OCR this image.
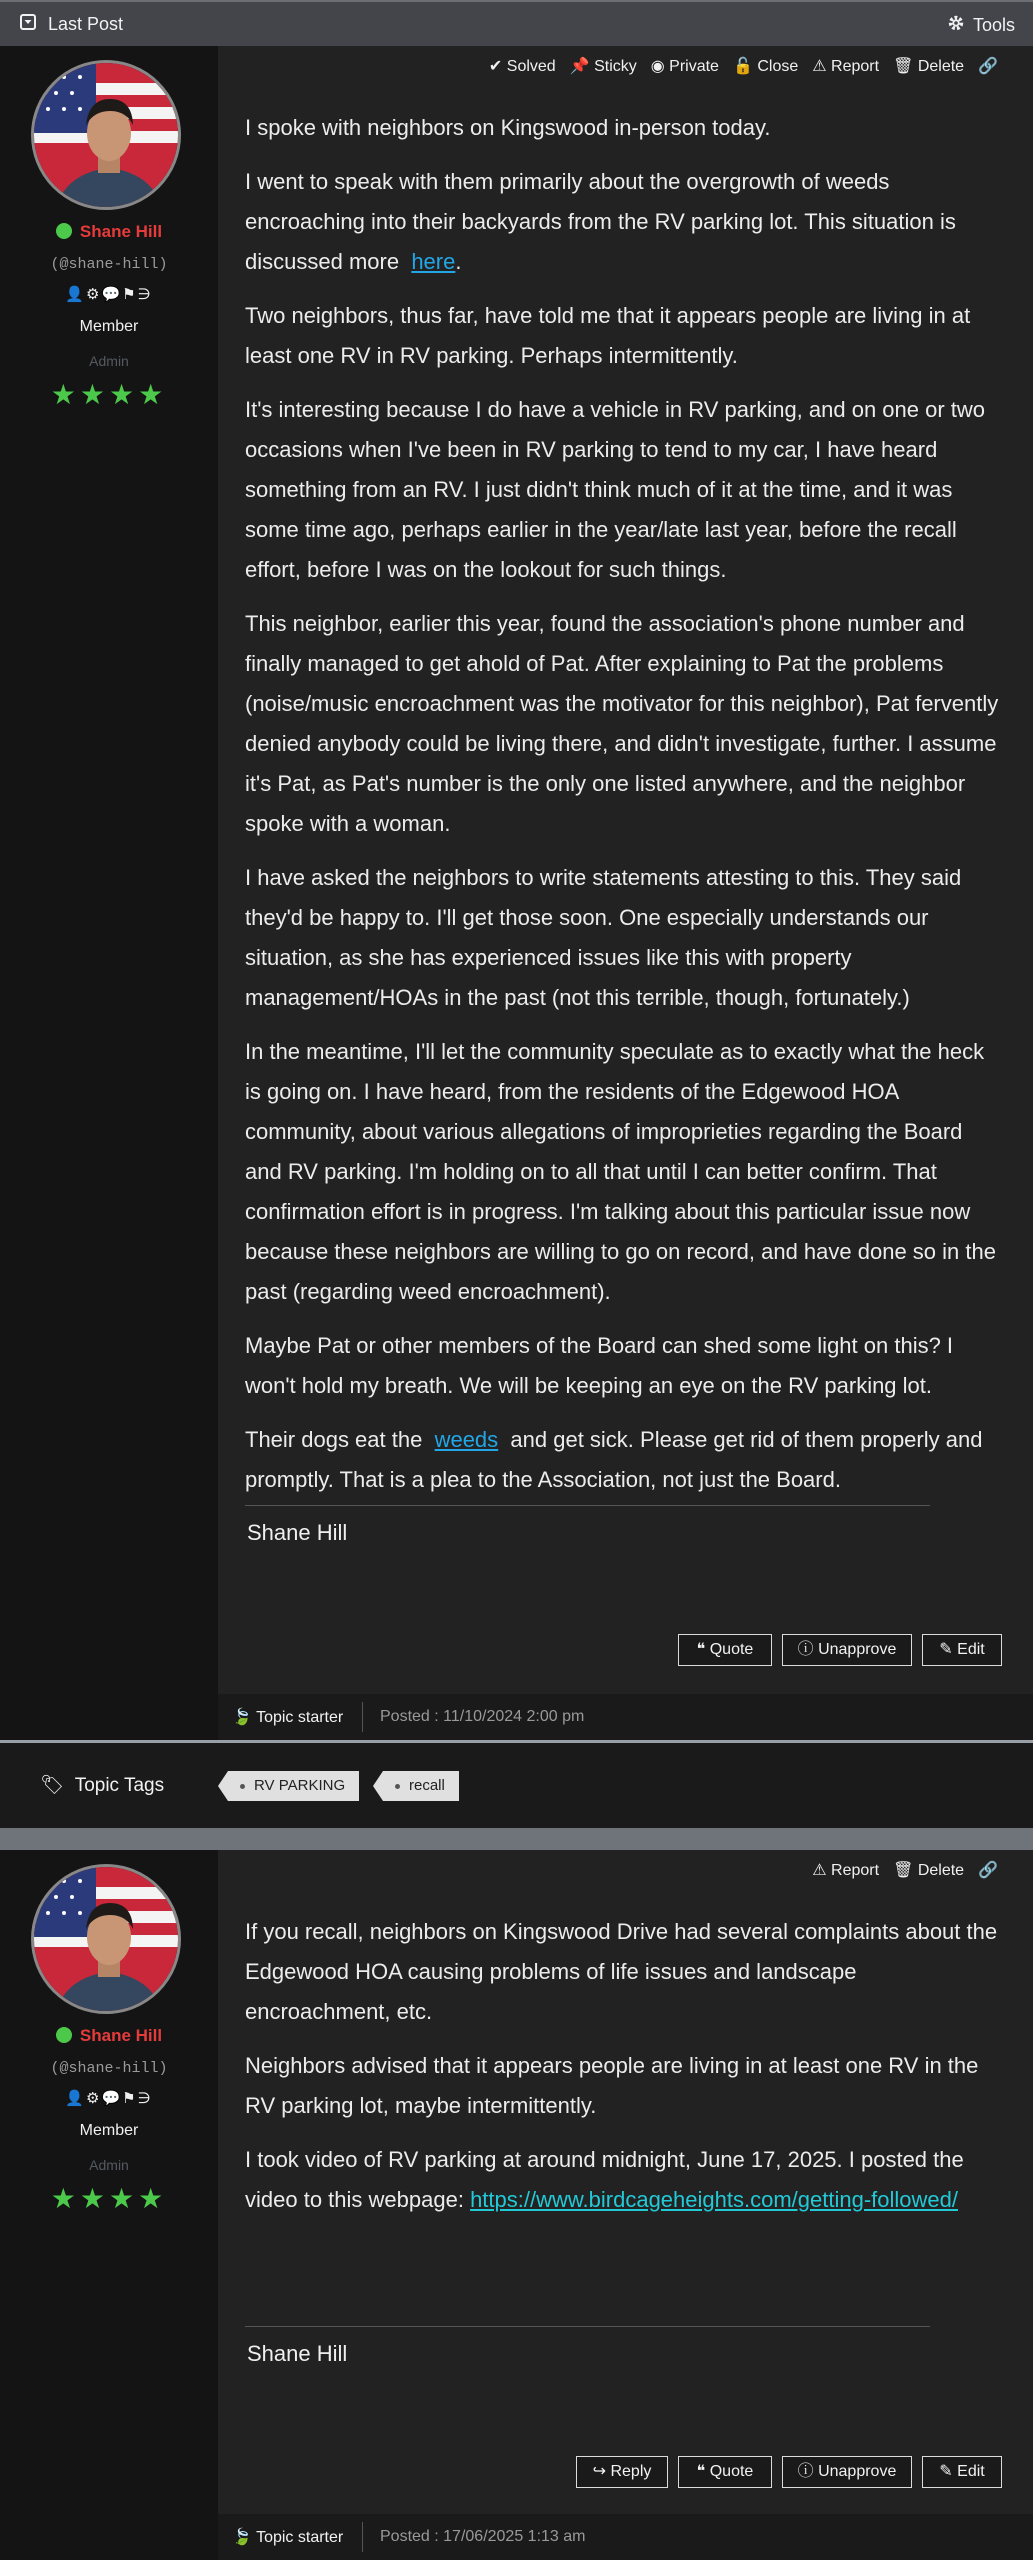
Last Post	Tools
Shane Hill
(@shane-hill)
👤⚙💬⚑∋
Member
Admin
★★★★
✔ Solved 📌 Sticky ◉ Private 🔓 Close ⚠ Report 🗑 Delete 🔗

I spoke with neighbors on Kingswood in-person today.

I went to speak with them primarily about the overgrowth of weeds encroaching into their backyards from the RV parking lot. This situation is discussed more here.

Two neighbors, thus far, have told me that it appears people are living in at least one RV in RV parking. Perhaps intermittently.

It's interesting because I do have a vehicle in RV parking, and on one or two occasions when I've been in RV parking to tend to my car, I have heard something from an RV. I just didn't think much of it at the time, and it was some time ago, perhaps earlier in the year/late last year, before the recall effort, before I was on the lookout for such things.

This neighbor, earlier this year, found the association's phone number and finally managed to get ahold of Pat. After explaining to Pat the problems (noise/music encroachment was the motivator for this neighbor), Pat fervently denied anybody could be living there, and didn't investigate, further. I assume it's Pat, as Pat's number is the only one listed anywhere, and the neighbor spoke with a woman.

I have asked the neighbors to write statements attesting to this. They said they'd be happy to. I'll get those soon. One especially understands our situation, as she has experienced issues like this with property management/HOAs in the past (not this terrible, though, fortunately.)

In the meantime, I'll let the community speculate as to exactly what the heck is going on. I have heard, from the residents of the Edgewood HOA community, about various allegations of improprieties regarding the Board and RV parking. I'm holding on to all that until I can better confirm. That confirmation effort is in progress. I'm talking about this particular issue now because these neighbors are willing to go on record, and have done so in the past (regarding weed encroachment).

Maybe Pat or other members of the Board can shed some light on this? I won't hold my breath. We will be keeping an eye on the RV parking lot.

Their dogs eat the weeds and get sick. Please get rid of them properly and promptly. That is a plea to the Association, not just the Board.

Shane Hill
❝ Quote	ⓘ Unapprove	✎ Edit
🍃 Topic starter Posted : 11/10/2024 2:00 pm
🏷  Topic Tags	RV PARKING	recall
Shane Hill
(@shane-hill)
👤⚙💬⚑∋
Member
Admin
★★★★
⚠ Report 🗑 Delete 🔗

If you recall, neighbors on Kingswood Drive had several complaints about the Edgewood HOA causing problems of life issues and landscape encroachment, etc.

Neighbors advised that it appears people are living in at least one RV in the RV parking lot, maybe intermittently.

I took video of RV parking at around midnight, June 17, 2025. I posted the video to this webpage: https://www.birdcageheights.com/getting-followed/

Shane Hill
↪ Reply	❝ Quote	ⓘ Unapprove	✎ Edit
🍃 Topic starter Posted : 17/06/2025 1:13 am
